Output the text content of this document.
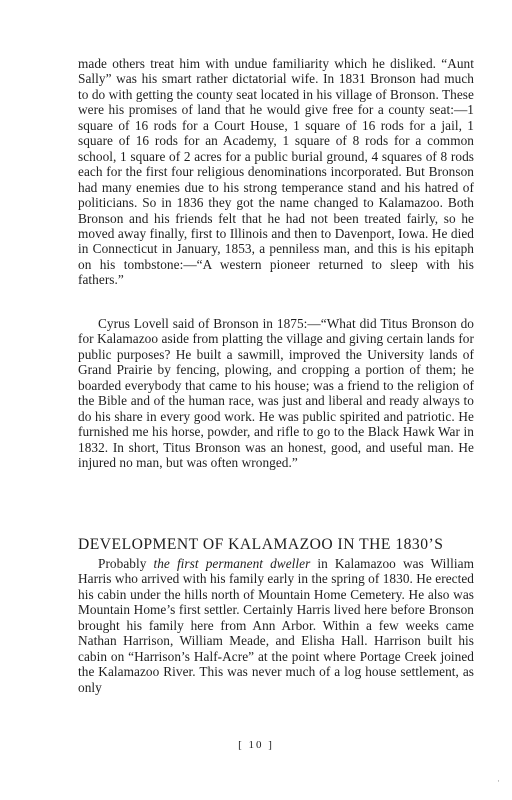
made others treat him with undue familiarity which he disliked. “Aunt Sally” was his smart rather dictatorial wife. In 1831 Bronson had much to do with getting the county seat located in his village of Bronson. These were his promises of land that he would give free for a county seat:—1 square of 16 rods for a Court House, 1 square of 16 rods for a jail, 1 square of 16 rods for an Academy, 1 square of 8 rods for a common school, 1 square of 2 acres for a public burial ground, 4 squares of 8 rods each for the first four religious denominations incorporated. But Bronson had many enemies due to his strong temperance stand and his hatred of politicians. So in 1836 they got the name changed to Kalamazoo. Both Bronson and his friends felt that he had not been treated fairly, so he moved away finally, first to Illinois and then to Davenport, Iowa. He died in Connecticut in January, 1853, a penniless man, and this is his epitaph on his tombstone:—“A western pioneer returned to sleep with his fathers.”

Cyrus Lovell said of Bronson in 1875:—“What did Titus Bronson do for Kalamazoo aside from platting the village and giving certain lands for public purposes? He built a sawmill, improved the University lands of Grand Prairie by fencing, plowing, and cropping a portion of them; he boarded everybody that came to his house; was a friend to the religion of the Bible and of the human race, was just and liberal and ready always to do his share in every good work. He was public spirited and patriotic. He furnished me his horse, powder, and rifle to go to the Black Hawk War in 1832. In short, Titus Bronson was an honest, good, and useful man. He injured no man, but was often wronged.”

DEVELOPMENT OF KALAMAZOO IN THE 1830’S

Probably the first permanent dweller in Kalamazoo was William Harris who arrived with his family early in the spring of 1830. He erected his cabin under the hills north of Mountain Home Cemetery. He also was Mountain Home’s first settler. Certainly Harris lived here before Bronson brought his family here from Ann Arbor. Within a few weeks came Nathan Harrison, William Meade, and Elisha Hall. Harrison built his cabin on “Harrison’s Half-Acre” at the point where Portage Creek joined the Kalamazoo River. This was never much of a log house settlement, as only

[ 10 ]
·
